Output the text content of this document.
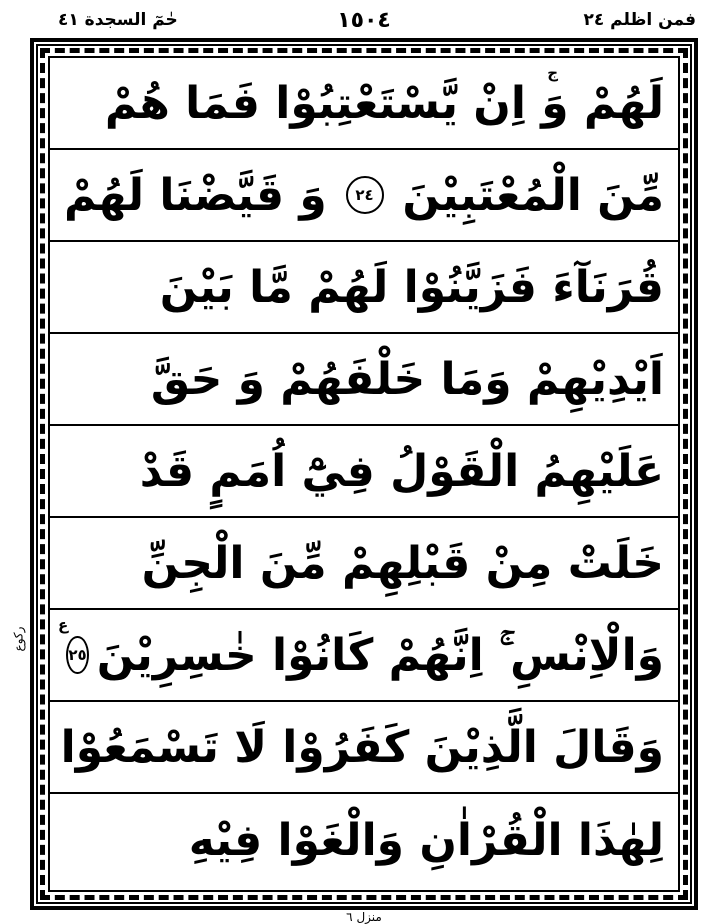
فمن اظلم ٢٤
١٥٠٤
حٰمٓ السجدة ٤١
لَهُمْ وَ اِنْ يَّسْتَعْتِبُوْا فَمَا هُمْ
ج
مِّنَ الْمُعْتَبِيْنَ
٢٤
وَ قَيَّضْنَا لَهُمْ
قُرَنَآءَ فَزَيَّنُوْا لَهُمْ مَّا بَيْنَ
اَيْدِيْهِمْ وَمَا خَلْفَهُمْ وَ حَقَّ
عَلَيْهِمُ الْقَوْلُ فِيْٓ اُمَمٍ قَدْ
خَلَتْ مِنْ قَبْلِهِمْ مِّنَ الْجِنِّ
وَالْاِنْسِ ۚ اِنَّهُمْ كَانُوْا خٰسِرِيْنَ
٢٥
ع
وَقَالَ الَّذِيْنَ كَفَرُوْا لَا تَسْمَعُوْا
لِهٰذَا الْقُرْاٰنِ وَالْغَوْا فِيْهِ
ركوع
منزل ٦
